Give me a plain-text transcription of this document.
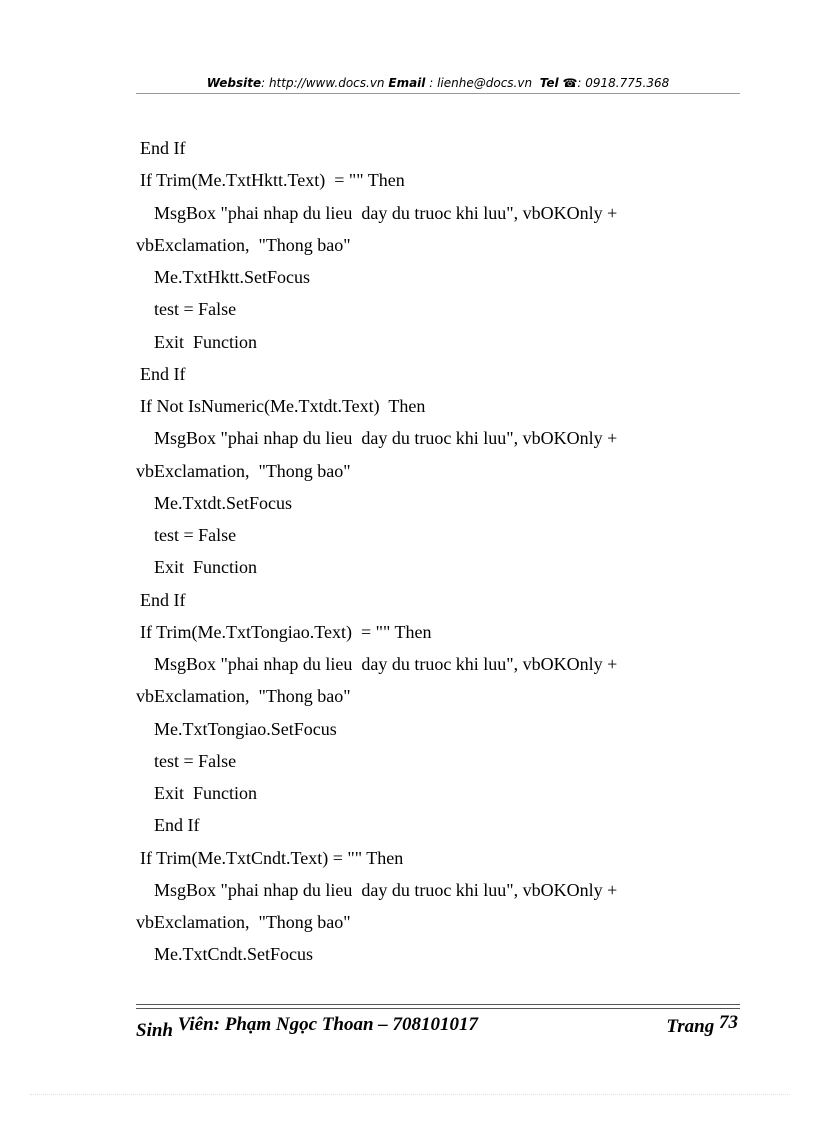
Website: http://www.docs.vn Email : lienhe@docs.vn Tel ☎: 0918.775.368
End If
If Trim(Me.TxtHktt.Text)  = "" Then
MsgBox "phai nhap du lieu  day du truoc khi luu", vbOKOnly +
vbExclamation,  "Thong bao"
Me.TxtHktt.SetFocus
test = False
Exit  Function
End If
If Not IsNumeric(Me.Txtdt.Text)  Then
MsgBox "phai nhap du lieu  day du truoc khi luu", vbOKOnly +
vbExclamation,  "Thong bao"
Me.Txtdt.SetFocus
test = False
Exit  Function
End If
If Trim(Me.TxtTongiao.Text)  = "" Then
MsgBox "phai nhap du lieu  day du truoc khi luu", vbOKOnly +
vbExclamation,  "Thong bao"
Me.TxtTongiao.SetFocus
test = False
Exit  Function
End If
If Trim(Me.TxtCndt.Text) = "" Then
MsgBox "phai nhap du lieu  day du truoc khi luu", vbOKOnly +
vbExclamation,  "Thong bao"
Me.TxtCndt.SetFocus
Sinh Viên: Phạm Ngọc Thoan – 708101017	Trang 73
